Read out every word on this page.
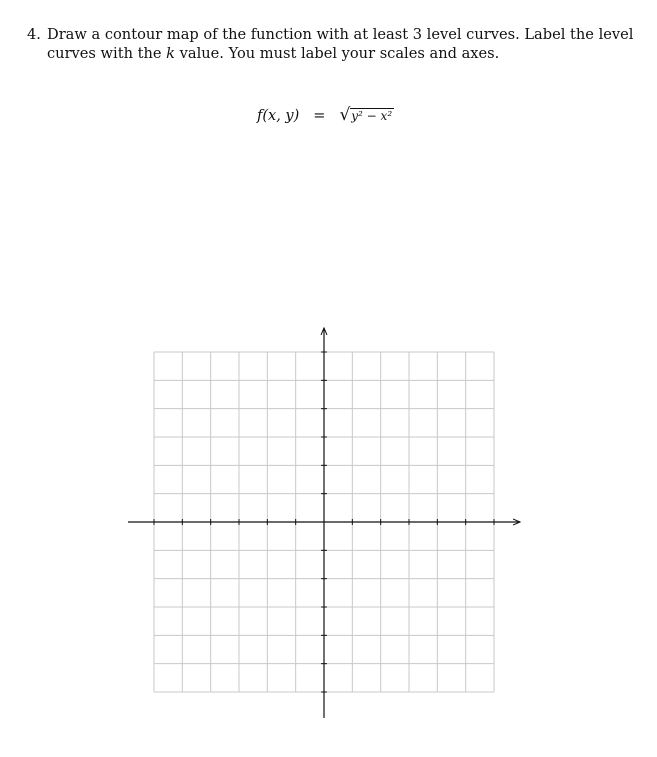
4. Draw a contour map of the function with at least 3 level curves. Label the level
curves with the k value. You must label your scales and axes.
f(x, y) = √y² − x²
